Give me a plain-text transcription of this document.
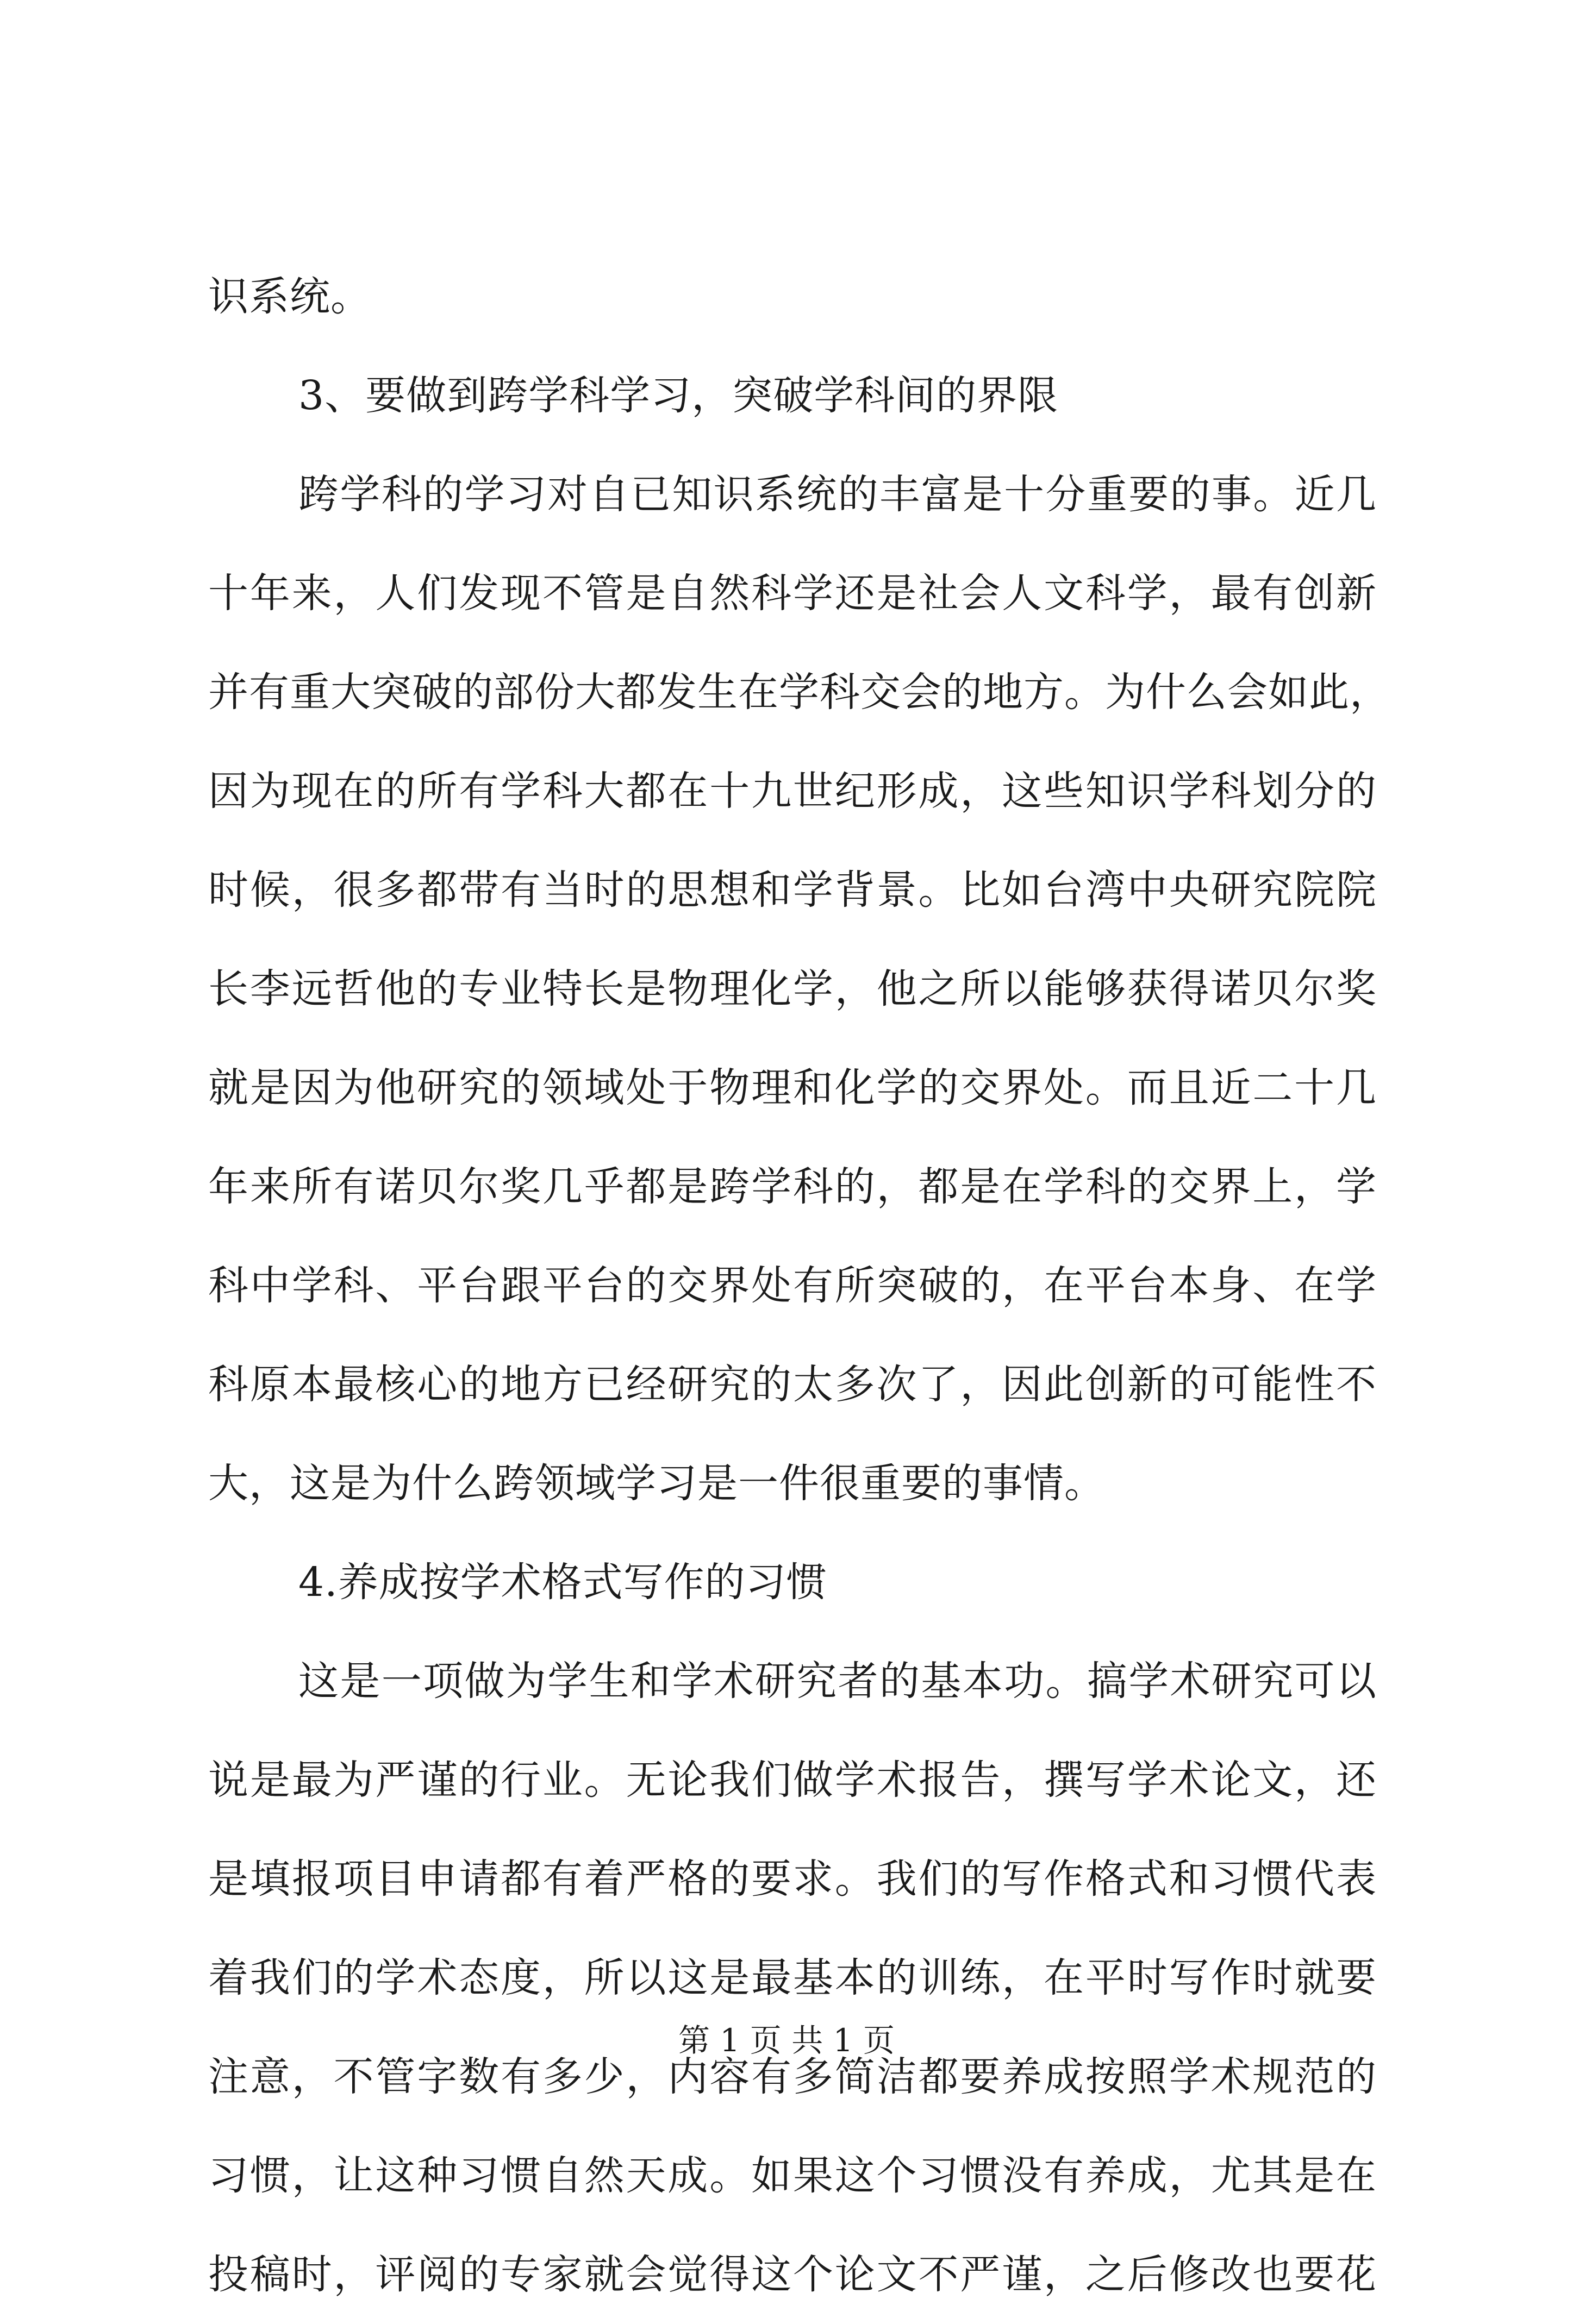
识系统。
3、要做到跨学科学习，突破学科间的界限
跨学科的学习对自已知识系统的丰富是十分重要的事。近几
十年来，人们发现不管是自然科学还是社会人文科学，最有创新
并有重大突破的部份大都发生在学科交会的地方。为什么会如此，
因为现在的所有学科大都在十九世纪形成，这些知识学科划分的
时候，很多都带有当时的思想和学背景。比如台湾中央研究院院
长李远哲他的专业特长是物理化学，他之所以能够获得诺贝尔奖
就是因为他研究的领域处于物理和化学的交界处。而且近二十几
年来所有诺贝尔奖几乎都是跨学科的，都是在学科的交界上，学
科中学科、平台跟平台的交界处有所突破的，在平台本身、在学
科原本最核心的地方已经研究的太多次了，因此创新的可能性不
大，这是为什么跨领域学习是一件很重要的事情。
4.养成按学术格式写作的习惯
这是一项做为学生和学术研究者的基本功。搞学术研究可以
说是最为严谨的行业。无论我们做学术报告，撰写学术论文，还
是填报项目申请都有着严格的要求。我们的写作格式和习惯代表
着我们的学术态度，所以这是最基本的训练，在平时写作时就要
注意，不管字数有多少，内容有多简洁都要养成按照学术规范的
习惯，让这种习惯自然天成。如果这个习惯没有养成，尤其是在
投稿时，评阅的专家就会觉得这个论文不严谨，之后修改也要花
第 1 页 共 1 页
